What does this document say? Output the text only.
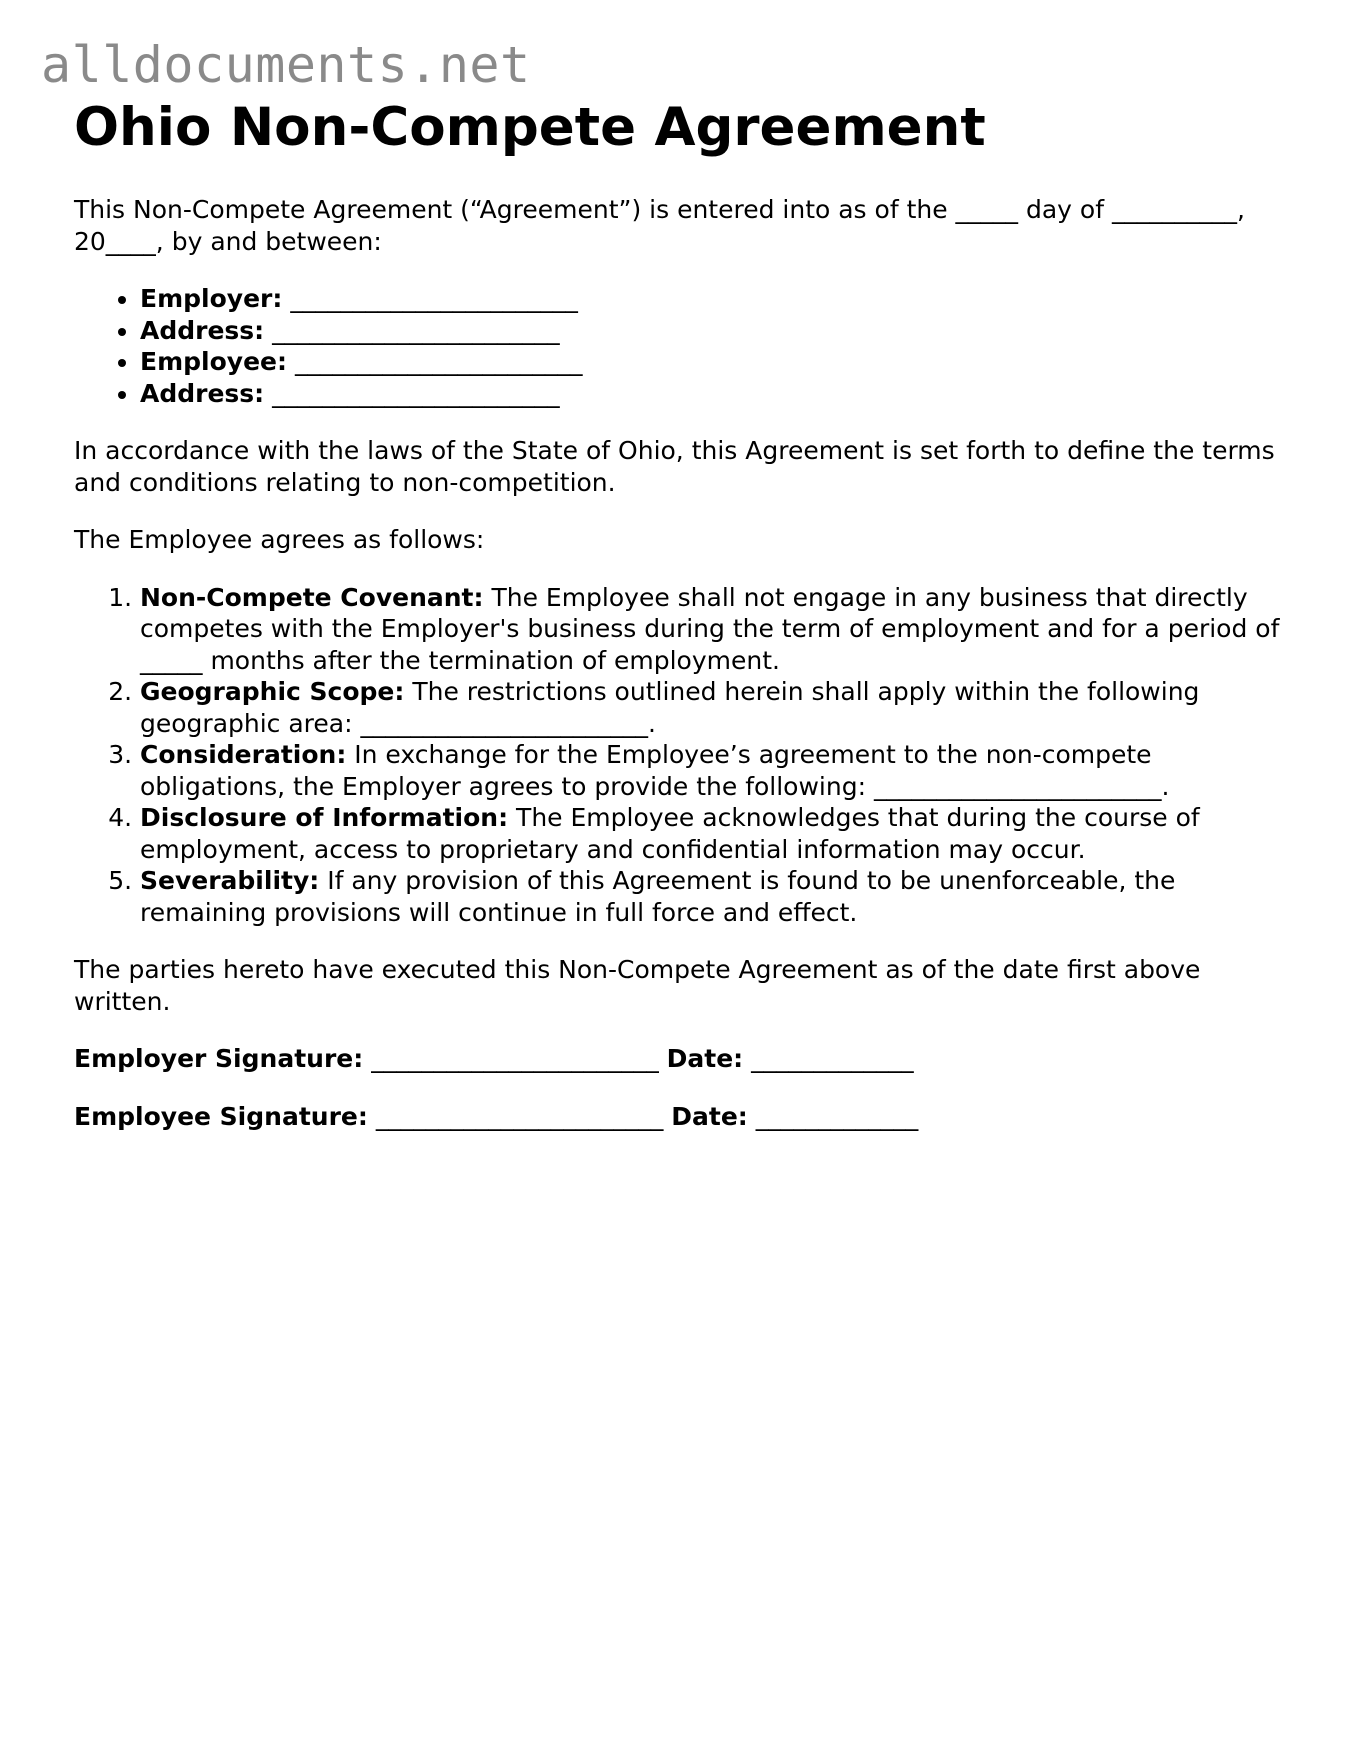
alldocuments.net
Ohio Non-Compete Agreement

This Non-Compete Agreement (“Agreement”) is entered into as of the _____ day of __________, 20____, by and between:

• Employer: _______________________
• Address: _______________________
• Employee: _______________________
• Address: _______________________

In accordance with the laws of the State of Ohio, this Agreement is set forth to define the terms and conditions relating to non-competition.

The Employee agrees as follows:

1. Non-Compete Covenant: The Employee shall not engage in any business that directly competes with the Employer's business during the term of employment and for a period of _____ months after the termination of employment.
2. Geographic Scope: The restrictions outlined herein shall apply within the following geographic area: _______________________.
3. Consideration: In exchange for the Employee’s agreement to the non-compete obligations, the Employer agrees to provide the following: _______________________.
4. Disclosure of Information: The Employee acknowledges that during the course of employment, access to proprietary and confidential information may occur.
5. Severability: If any provision of this Agreement is found to be unenforceable, the remaining provisions will continue in full force and effect.

The parties hereto have executed this Non-Compete Agreement as of the date first above written.

Employer Signature: _______________________ Date: _____________

Employee Signature: _______________________ Date: _____________
